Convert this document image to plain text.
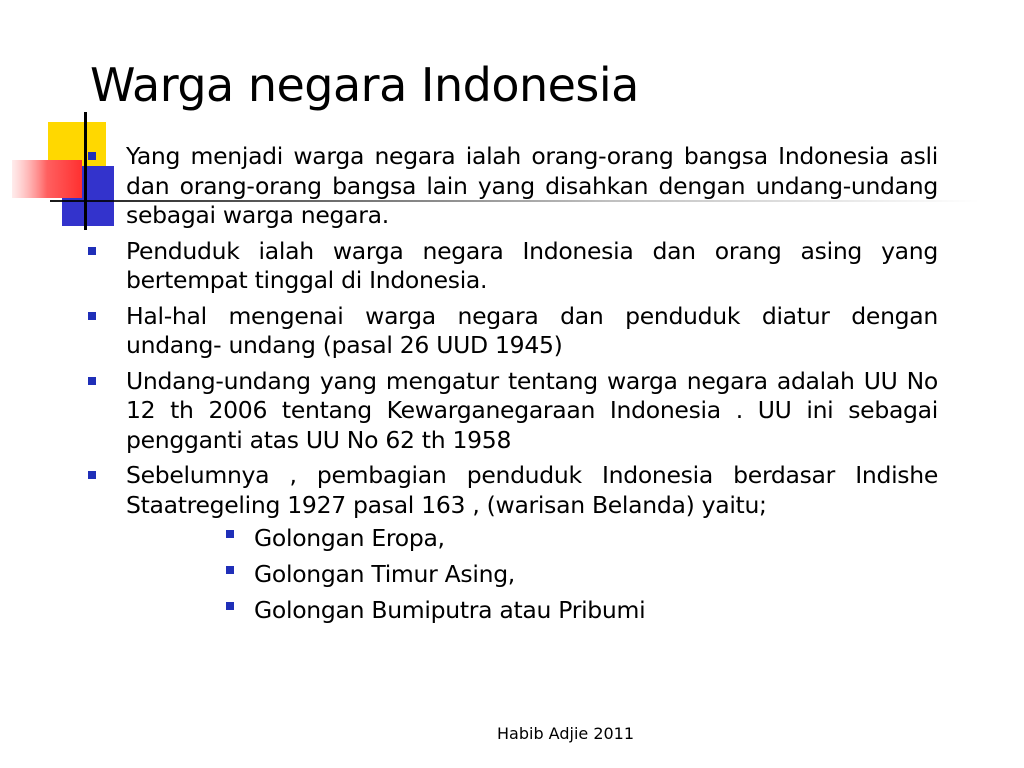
Warga negara Indonesia
Yang menjadi warga negara ialah orang-orang bangsa Indonesia asli dan orang-orang bangsa lain yang disahkan dengan undang-undang sebagai warga negara.
Penduduk ialah warga negara Indonesia dan orang asing yang bertempat tinggal di Indonesia.
Hal-hal mengenai warga negara dan penduduk diatur dengan undang- undang (pasal 26 UUD 1945)
Undang-undang yang mengatur tentang warga negara adalah UU No 12 th 2006 tentang Kewarganegaraan Indonesia . UU ini sebagai pengganti atas UU No 62 th 1958
Sebelumnya , pembagian penduduk Indonesia berdasar Indishe Staatregeling 1927 pasal 163 , (warisan Belanda) yaitu;
Golongan Eropa,
Golongan Timur Asing,
Golongan Bumiputra atau Pribumi
Habib Adjie 2011
